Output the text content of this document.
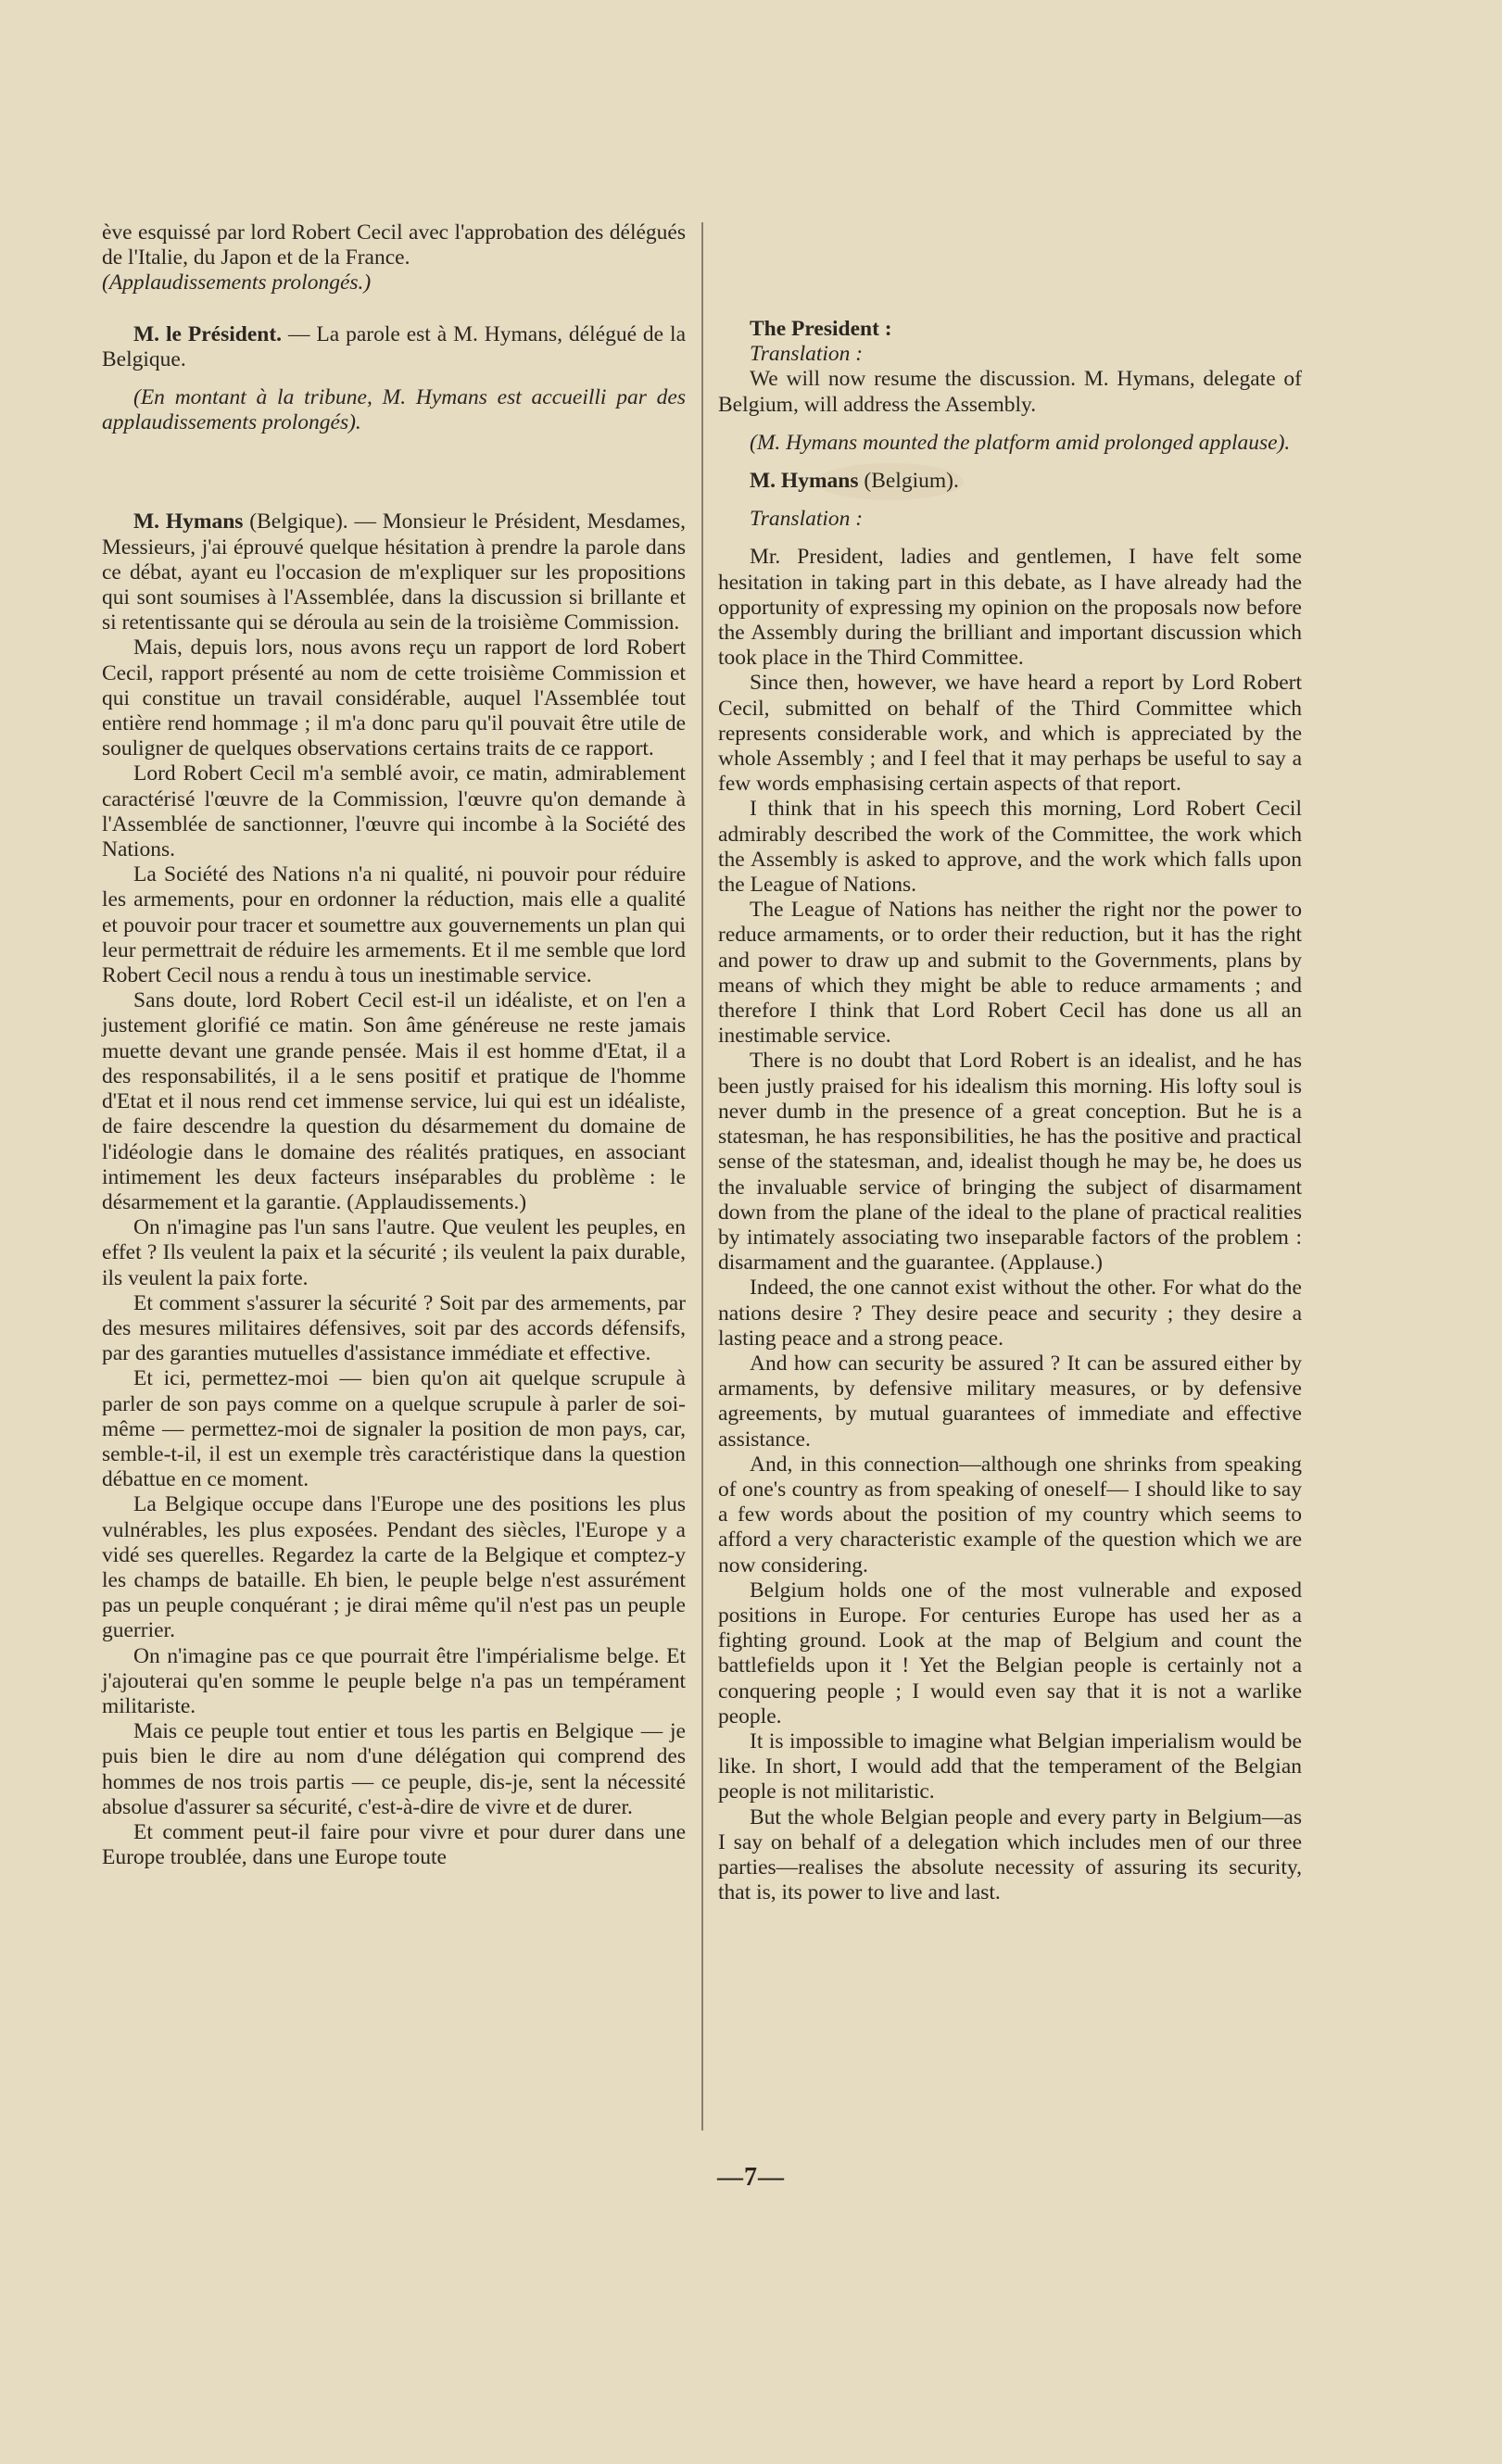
ève esquissé par lord Robert Cecil avec l'approbation des délégués de l'Italie, du Japon et de la France.

(Applaudissements prolongés.)

M. le Président. — La parole est à M. Hymans, délégué de la Belgique.

(En montant à la tribune, M. Hymans est accueilli par des applaudissements prolongés).

M. Hymans (Belgique). — Monsieur le Président, Mesdames, Messieurs, j'ai éprouvé quelque hésitation à prendre la parole dans ce débat, ayant eu l'occasion de m'expliquer sur les propositions qui sont soumises à l'Assemblée, dans la discussion si brillante et si retentissante qui se déroula au sein de la troisième Commission.

Mais, depuis lors, nous avons reçu un rapport de lord Robert Cecil, rapport présenté au nom de cette troisième Commission et qui constitue un travail considérable, auquel l'Assemblée tout entière rend hommage ; il m'a donc paru qu'il pouvait être utile de souligner de quelques observations certains traits de ce rapport.

Lord Robert Cecil m'a semblé avoir, ce matin, admirablement caractérisé l'œuvre de la Commission, l'œuvre qu'on demande à l'Assemblée de sanctionner, l'œuvre qui incombe à la Société des Nations.

La Société des Nations n'a ni qualité, ni pouvoir pour réduire les armements, pour en ordonner la réduction, mais elle a qualité et pouvoir pour tracer et soumettre aux gouvernements un plan qui leur permettrait de réduire les armements. Et il me semble que lord Robert Cecil nous a rendu à tous un inestimable service.

Sans doute, lord Robert Cecil est-il un idéaliste, et on l'en a justement glorifié ce matin. Son âme généreuse ne reste jamais muette devant une grande pensée. Mais il est homme d'Etat, il a des responsabilités, il a le sens positif et pratique de l'homme d'Etat et il nous rend cet immense service, lui qui est un idéaliste, de faire descendre la question du désarmement du domaine de l'idéologie dans le domaine des réalités pratiques, en associant intimement les deux facteurs inséparables du problème : le désarmement et la garantie. (Applaudissements.)

On n'imagine pas l'un sans l'autre. Que veulent les peuples, en effet ? Ils veulent la paix et la sécurité ; ils veulent la paix durable, ils veulent la paix forte.

Et comment s'assurer la sécurité ? Soit par des armements, par des mesures militaires défensives, soit par des accords défensifs, par des garanties mutuelles d'assistance immédiate et effective.

Et ici, permettez-moi — bien qu'on ait quelque scrupule à parler de son pays comme on a quelque scrupule à parler de soi-même — permettez-moi de signaler la position de mon pays, car, semble-t-il, il est un exemple très caractéristique dans la question débattue en ce moment.

La Belgique occupe dans l'Europe une des positions les plus vulnérables, les plus exposées. Pendant des siècles, l'Europe y a vidé ses querelles. Regardez la carte de la Belgique et comptez-y les champs de bataille. Eh bien, le peuple belge n'est assurément pas un peuple conquérant ; je dirai même qu'il n'est pas un peuple guerrier.

On n'imagine pas ce que pourrait être l'impérialisme belge. Et j'ajouterai qu'en somme le peuple belge n'a pas un tempérament militariste.

Mais ce peuple tout entier et tous les partis en Belgique — je puis bien le dire au nom d'une délégation qui comprend des hommes de nos trois partis — ce peuple, dis-je, sent la nécessité absolue d'assurer sa sécurité, c'est-à-dire de vivre et de durer.

Et comment peut-il faire pour vivre et pour durer dans une Europe troublée, dans une Europe toute

The President :

Translation :

We will now resume the discussion. M. Hymans, delegate of Belgium, will address the Assembly.

(M. Hymans mounted the platform amid prolonged applause).

M. Hymans (Belgium).

Translation :

Mr. President, ladies and gentlemen, I have felt some hesitation in taking part in this debate, as I have already had the opportunity of expressing my opinion on the proposals now before the Assembly during the brilliant and important discussion which took place in the Third Committee.

Since then, however, we have heard a report by Lord Robert Cecil, submitted on behalf of the Third Committee which represents considerable work, and which is appreciated by the whole Assembly ; and I feel that it may perhaps be useful to say a few words emphasising certain aspects of that report.

I think that in his speech this morning, Lord Robert Cecil admirably described the work of the Committee, the work which the Assembly is asked to approve, and the work which falls upon the League of Nations.

The League of Nations has neither the right nor the power to reduce armaments, or to order their reduction, but it has the right and power to draw up and submit to the Governments, plans by means of which they might be able to reduce armaments ; and therefore I think that Lord Robert Cecil has done us all an inestimable service.

There is no doubt that Lord Robert is an idealist, and he has been justly praised for his idealism this morning. His lofty soul is never dumb in the presence of a great conception. But he is a statesman, he has responsibilities, he has the positive and practical sense of the statesman, and, idealist though he may be, he does us the invaluable service of bringing the subject of disarmament down from the plane of the ideal to the plane of practical realities by intimately associating two inseparable factors of the problem : disarmament and the guarantee. (Applause.)

Indeed, the one cannot exist without the other. For what do the nations desire ? They desire peace and security ; they desire a lasting peace and a strong peace.

And how can security be assured ? It can be assured either by armaments, by defensive military measures, or by defensive agreements, by mutual guarantees of immediate and effective assistance.

And, in this connection—although one shrinks from speaking of one's country as from speaking of oneself— I should like to say a few words about the position of my country which seems to afford a very characteristic example of the question which we are now considering.

Belgium holds one of the most vulnerable and exposed positions in Europe. For centuries Europe has used her as a fighting ground. Look at the map of Belgium and count the battlefields upon it ! Yet the Belgian people is certainly not a conquering people ; I would even say that it is not a warlike people.

It is impossible to imagine what Belgian imperialism would be like. In short, I would add that the temperament of the Belgian people is not militaristic.

But the whole Belgian people and every party in Belgium—as I say on behalf of a delegation which includes men of our three parties—realises the absolute necessity of assuring its security, that is, its power to live and last.

—7—
